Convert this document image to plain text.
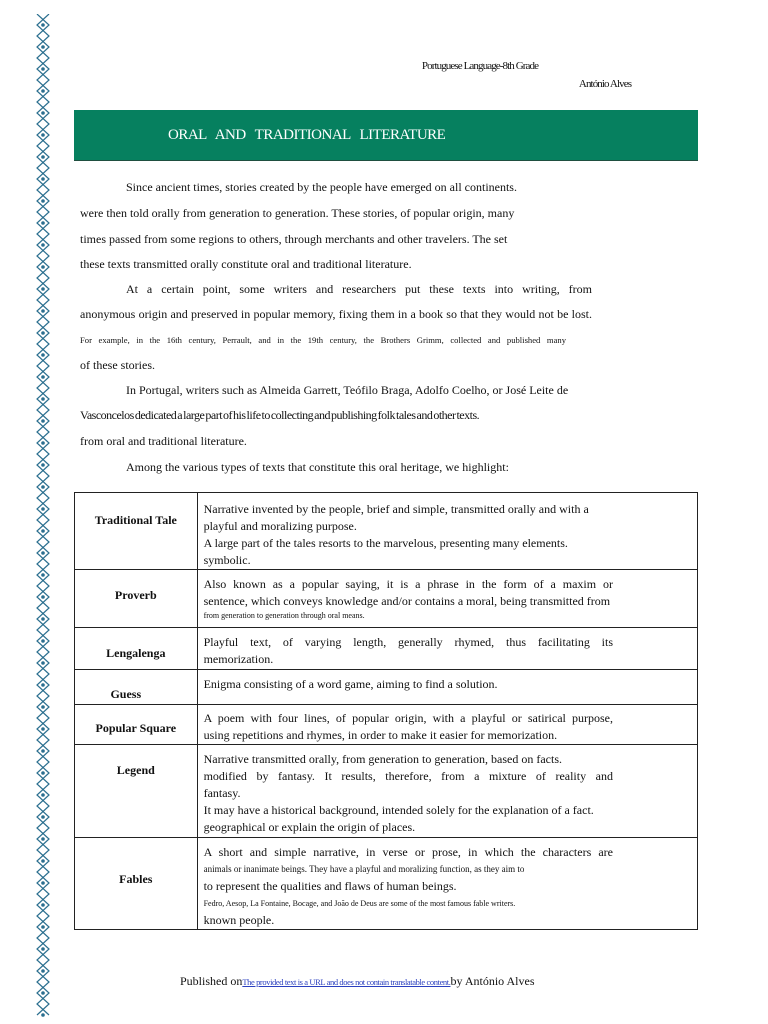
Portuguese Language-8th Grade
António Alves
ORAL AND TRADITIONAL LITERATURE
Since ancient times, stories created by the people have emerged on all continents.
were then told orally from generation to generation. These stories, of popular origin, many
times passed from some regions to others, through merchants and other travelers. The set
these texts transmitted orally constitute oral and traditional literature.
At a certain point, some writers and researchers put these texts into writing, from
anonymous origin and preserved in popular memory, fixing them in a book so that they would not be lost.
For example, in the 16th century, Perrault, and in the 19th century, the Brothers Grimm, collected and published many
of these stories.
In Portugal, writers such as Almeida Garrett, Teófilo Braga, Adolfo Coelho, or José Leite de
Vasconcelos dedicated a large part of his life to collecting and publishing folk tales and other texts.
from oral and traditional literature.
Among the various types of texts that constitute this oral heritage, we highlight:
Traditional Tale	Narrative invented by the people, brief and simple, transmitted orally and with a
playful and moralizing purpose.
A large part of the tales resorts to the marvelous, presenting many elements.
symbolic.

Proverb	Also known as a popular saying, it is a phrase in the form of a maxim or
sentence, which conveys knowledge and/or contains a moral, being transmitted from
from generation to generation through oral means.

Lengalenga	Playful text, of varying length, generally rhymed, thus facilitating its
memorization.

Guess	Enigma consisting of a word game, aiming to find a solution.

Popular Square	A poem with four lines, of popular origin, with a playful or satirical purpose,
using repetitions and rhymes, in order to make it easier for memorization.

Legend	Narrative transmitted orally, from generation to generation, based on facts.
modified by fantasy. It results, therefore, from a mixture of reality and
fantasy.
It may have a historical background, intended solely for the explanation of a fact.
geographical or explain the origin of places.

Fables	A short and simple narrative, in verse or prose, in which the characters are
animals or inanimate beings. They have a playful and moralizing function, as they aim to
to represent the qualities and flaws of human beings.
Fedro, Aesop, La Fontaine, Bocage, and João de Deus are some of the most famous fable writers.
known people.
Published onThe provided text is a URL and does not contain translatable content.by António Alves
